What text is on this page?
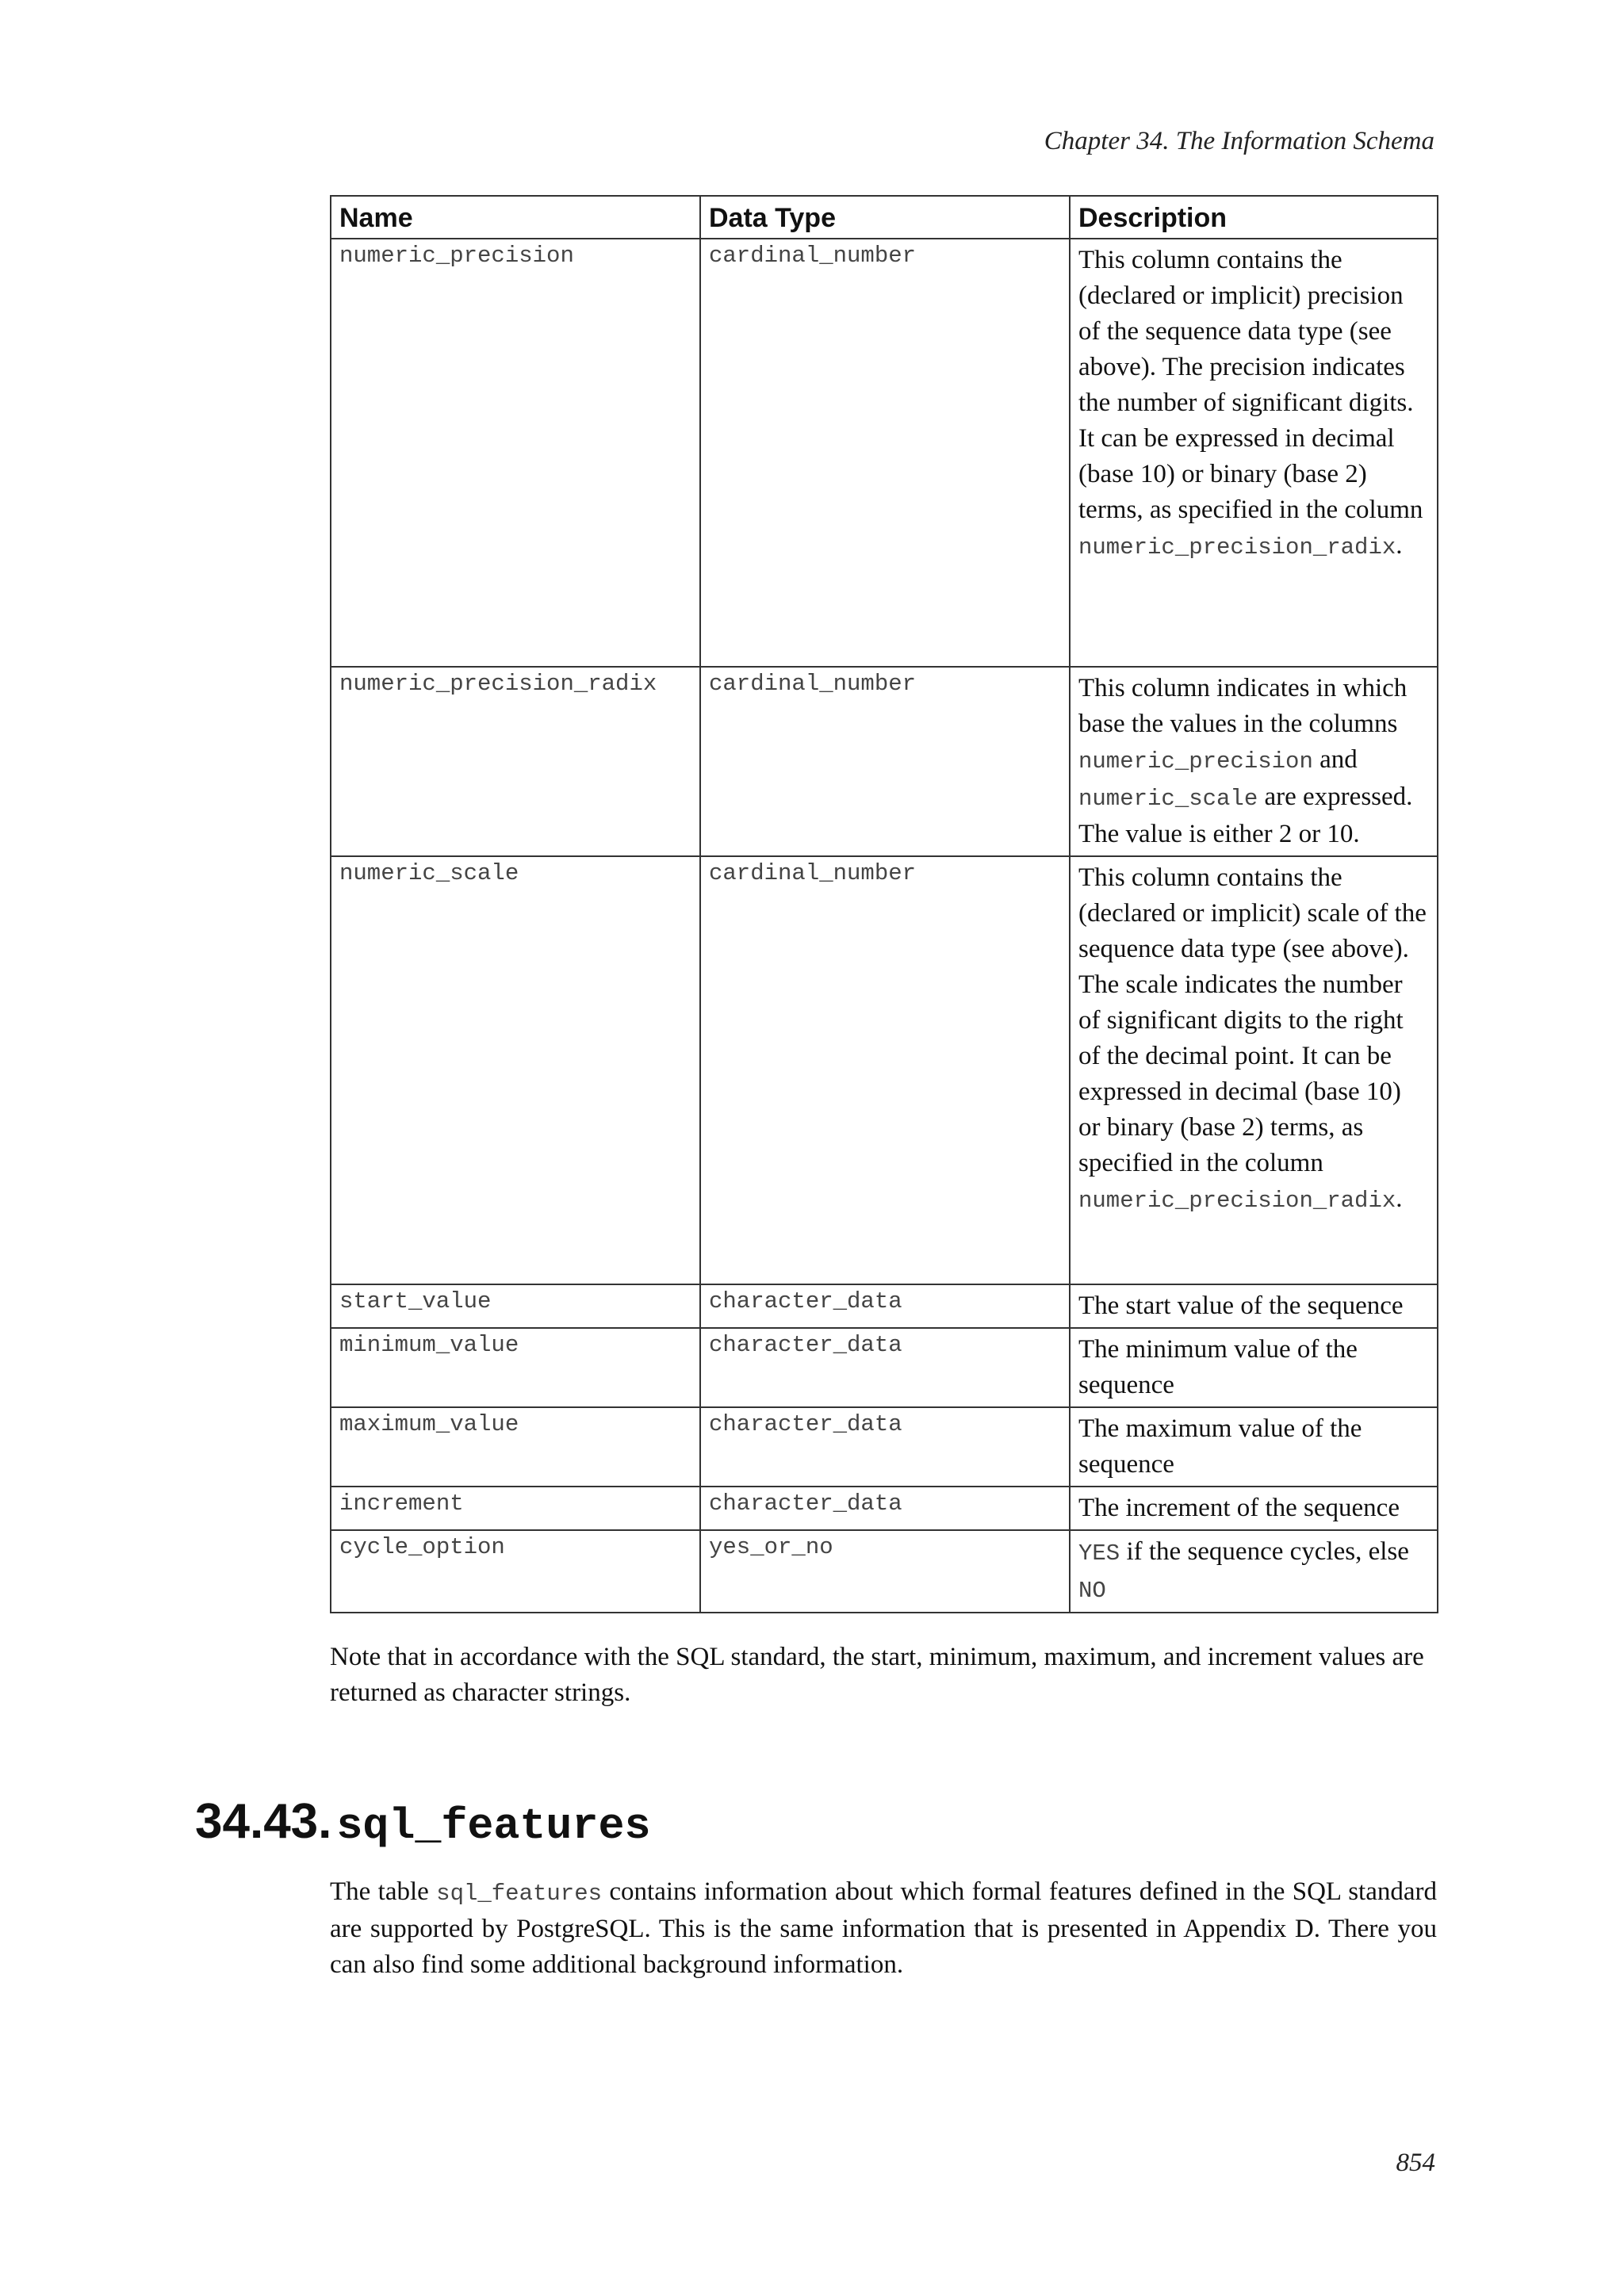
Chapter 34. The Information Schema
Name	Data Type	Description
numeric_precision	cardinal_number	This column contains the (declared or implicit) precision of the sequence data type (see above). The precision indicates the number of significant digits. It can be expressed in decimal (base 10) or binary (base 2) terms, as specified in the column numeric_precision_radix.
numeric_precision_radix	cardinal_number	This column indicates in which base the values in the columns numeric_precision and numeric_scale are expressed. The value is either 2 or 10.
numeric_scale	cardinal_number	This column contains the (declared or implicit) scale of the sequence data type (see above). The scale indicates the number of significant digits to the right of the decimal point. It can be expressed in decimal (base 10) or binary (base 2) terms, as specified in the column numeric_precision_radix.
start_value	character_data	The start value of the sequence
minimum_value	character_data	The minimum value of the sequence
maximum_value	character_data	The maximum value of the sequence
increment	character_data	The increment of the sequence
cycle_option	yes_or_no	YES if the sequence cycles, else NO

Note that in accordance with the SQL standard, the start, minimum, maximum, and increment values are returned as character strings.

34.43. sql_features

The table sql_features contains information about which formal features defined in the SQL standard are supported by PostgreSQL. This is the same information that is presented in Appendix D. There you can also find some additional background information.

854
